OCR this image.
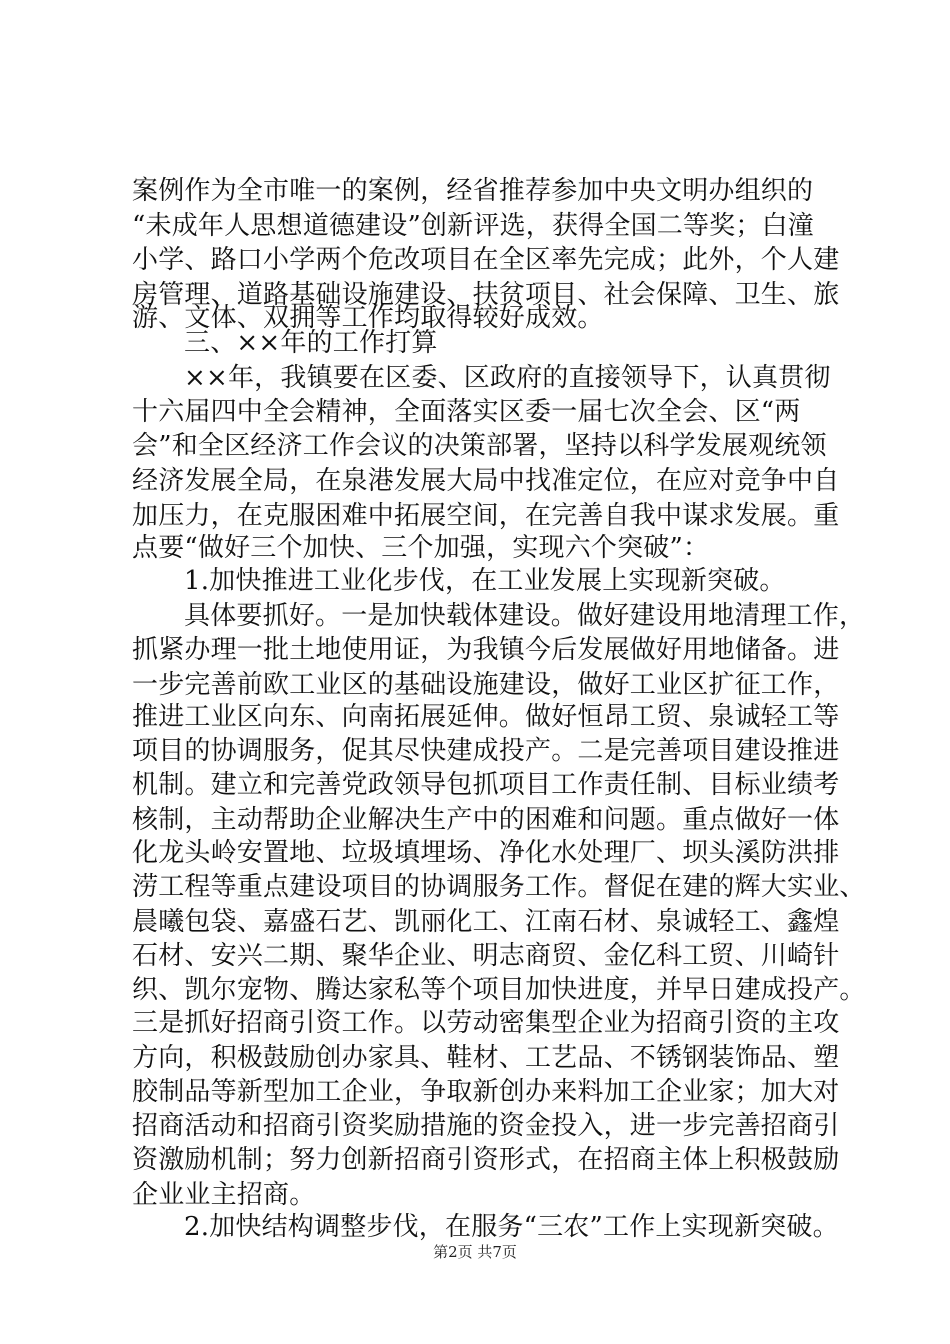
案例作为全市唯一的案例，经省推荐参加中央文明办组织的
“未成年人思想道德建设”创新评选，获得全国二等奖；白潼
小学、路口小学两个危改项目在全区率先完成；此外，个人建
房管理、道路基础设施建设、扶贫项目、社会保障、卫生、旅
游、文体、双拥等工作均取得较好成效。
三、××年的工作打算
××年，我镇要在区委、区政府的直接领导下，认真贯彻
十六届四中全会精神，全面落实区委一届七次全会、区“两
会”和全区经济工作会议的决策部署，坚持以科学发展观统领
经济发展全局，在泉港发展大局中找准定位，在应对竞争中自
加压力，在克服困难中拓展空间，在完善自我中谋求发展。重
点要“做好三个加快、三个加强，实现六个突破”：
1.加快推进工业化步伐，在工业发展上实现新突破。
具体要抓好。一是加快载体建设。做好建设用地清理工作，
抓紧办理一批土地使用证，为我镇今后发展做好用地储备。进
一步完善前欧工业区的基础设施建设，做好工业区扩征工作，
推进工业区向东、向南拓展延伸。做好恒昂工贸、泉诚轻工等
项目的协调服务，促其尽快建成投产。二是完善项目建设推进
机制。建立和完善党政领导包抓项目工作责任制、目标业绩考
核制，主动帮助企业解决生产中的困难和问题。重点做好一体
化龙头岭安置地、垃圾填埋场、净化水处理厂、坝头溪防洪排
涝工程等重点建设项目的协调服务工作。督促在建的辉大实业、
晨曦包袋、嘉盛石艺、凯丽化工、江南石材、泉诚轻工、鑫煌
石材、安兴二期、聚华企业、明志商贸、金亿科工贸、川崎针
织、凯尔宠物、腾达家私等个项目加快进度，并早日建成投产。
三是抓好招商引资工作。以劳动密集型企业为招商引资的主攻
方向，积极鼓励创办家具、鞋材、工艺品、不锈钢装饰品、塑
胶制品等新型加工企业，争取新创办来料加工企业家；加大对
招商活动和招商引资奖励措施的资金投入，进一步完善招商引
资激励机制；努力创新招商引资形式，在招商主体上积极鼓励
企业业主招商。
2.加快结构调整步伐，在服务“三农”工作上实现新突破。
第2页 共7页
